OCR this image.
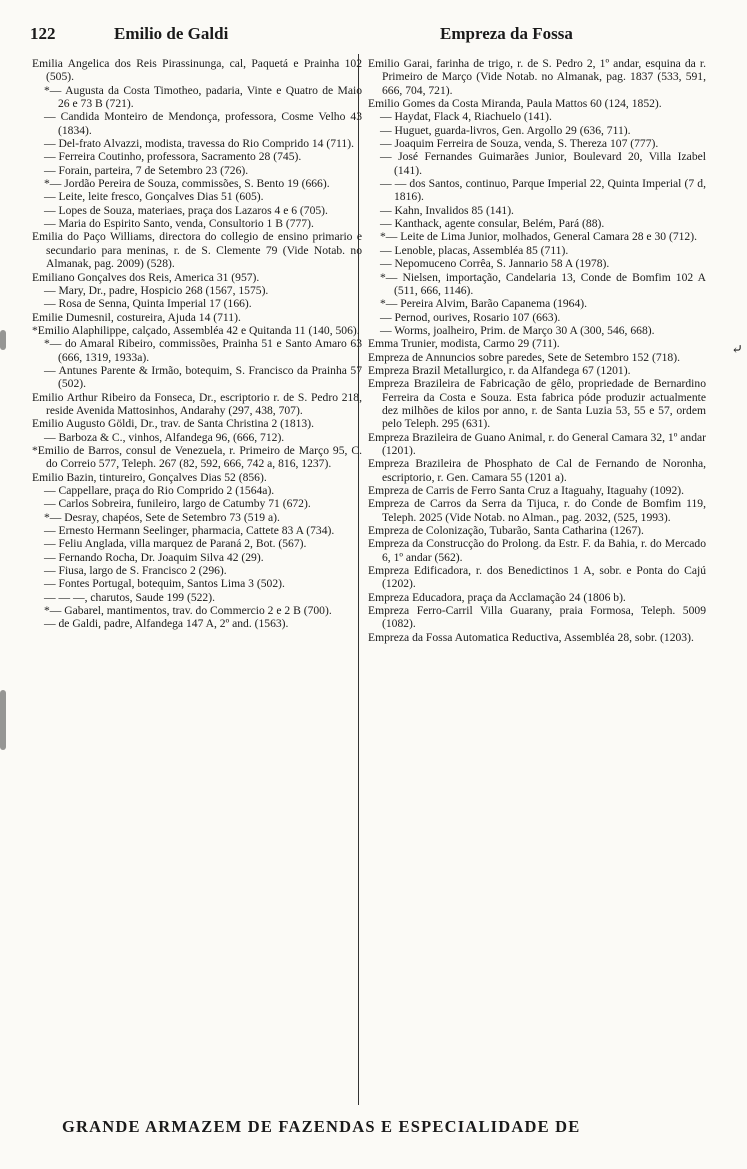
122	Emilio de Galdi	Empreza da Fossa

Emilia Angelica dos Reis Pirassinunga, cal, Paquetá e Prainha 102 (505).

*— Augusta da Costa Timotheo, padaria, Vinte e Quatro de Maio 26 e 73 B (721).

— Candida Monteiro de Mendonça, professora, Cosme Velho 43 (1834).

— Del-frato Alvazzi, modista, travessa do Rio Comprido 14 (711).

— Ferreira Coutinho, professora, Sacramento 28 (745).

— Forain, parteira, 7 de Setembro 23 (726).

*— Jordão Pereira de Souza, commissões, S. Bento 19 (666).

— Leite, leite fresco, Gonçalves Dias 51 (605).

— Lopes de Souza, materiaes, praça dos Lazaros 4 e 6 (705).

— Maria do Espirito Santo, venda, Consultorio 1 B (777).

Emilia do Paço Williams, directora do collegio de ensino primario e secundario para meninas, r. de S. Clemente 79 (Vide Notab. no Almanak, pag. 2009) (528).

Emiliano Gonçalves dos Reis, America 31 (957).

— Mary, Dr., padre, Hospicio 268 (1567, 1575).

— Rosa de Senna, Quinta Imperial 17 (166).

Emilie Dumesnil, costureira, Ajuda 14 (711).

*Emilio Alaphilippe, calçado, Assembléa 42 e Quitanda 11 (140, 506).

*— do Amaral Ribeiro, commissões, Prainha 51 e Santo Amaro 63 (666, 1319, 1933a).

— Antunes Parente & Irmão, botequim, S. Francisco da Prainha 57 (502).

Emilio Arthur Ribeiro da Fonseca, Dr., escriptorio r. de S. Pedro 218, reside Avenida Mattosinhos, Andarahy (297, 438, 707).

Emilio Augusto Göldi, Dr., trav. de Santa Christina 2 (1813).

— Barboza & C., vinhos, Alfandega 96, (666, 712).

*Emilio de Barros, consul de Venezuela, r. Primeiro de Março 95, C. do Correio 577, Teleph. 267 (82, 592, 666, 742 a, 816, 1237).

Emilio Bazin, tintureiro, Gonçalves Dias 52 (856).

— Cappellare, praça do Rio Comprido 2 (1564a).

— Carlos Sobreira, funileiro, largo de Catumby 71 (672).

*— Desray, chapéos, Sete de Setembro 73 (519 a).

— Ernesto Hermann Seelinger, pharmacia, Cattete 83 A (734).

— Feliu Anglada, villa marquez de Paraná 2, Bot. (567).

— Fernando Rocha, Dr. Joaquim Silva 42 (29).

— Fiusa, largo de S. Francisco 2 (296).

— Fontes Portugal, botequim, Santos Lima 3 (502).

— — —, charutos, Saude 199 (522).

*— Gabarel, mantimentos, trav. do Commercio 2 e 2 B (700).

— de Galdi, padre, Alfandega 147 A, 2º and. (1563).

Emilio Garai, farinha de trigo, r. de S. Pedro 2, 1º andar, esquina da r. Primeiro de Março (Vide Notab. no Almanak, pag. 1837 (533, 591, 666, 704, 721).

Emilio Gomes da Costa Miranda, Paula Mattos 60 (124, 1852).

— Haydat, Flack 4, Riachuelo (141).

— Huguet, guarda-livros, Gen. Argollo 29 (636, 711).

— Joaquim Ferreira de Souza, venda, S. Thereza 107 (777).

— José Fernandes Guimarães Junior, Boulevard 20, Villa Izabel (141).

— — dos Santos, continuo, Parque Imperial 22, Quinta Imperial (7 d, 1816).

— Kahn, Invalidos 85 (141).

— Kanthack, agente consular, Belém, Pará (88).

*— Leite de Lima Junior, molhados, General Camara 28 e 30 (712).

— Lenoble, placas, Assembléa 85 (711).

— Nepomuceno Corrêa, S. Jannario 58 A (1978).

*— Nielsen, importação, Candelaria 13, Conde de Bomfim 102 A (511, 666, 1146).

*— Pereira Alvim, Barão Capanema (1964).

— Pernod, ourives, Rosario 107 (663).

— Worms, joalheiro, Prim. de Março 30 A (300, 546, 668).

Emma Trunier, modista, Carmo 29 (711).

Empreza de Annuncios sobre paredes, Sete de Setembro 152 (718).

Empreza Brazil Metallurgico, r. da Alfandega 67 (1201).

Empreza Brazileira de Fabricação de gêlo, propriedade de Bernardino Ferreira da Costa e Souza. Esta fabrica póde produzir actualmente dez milhões de kilos por anno, r. de Santa Luzia 53, 55 e 57, ordem pelo Teleph. 295 (631).

Empreza Brazileira de Guano Animal, r. do General Camara 32, 1º andar (1201).

Empreza Brazileira de Phosphato de Cal de Fernando de Noronha, escriptorio, r. Gen. Camara 55 (1201 a).

Empreza de Carris de Ferro Santa Cruz a Itaguahy, Itaguahy (1092).

Empreza de Carros da Serra da Tijuca, r. do Conde de Bomfim 119, Teleph. 2025 (Vide Notab. no Alman., pag. 2032, (525, 1993).

Empreza de Colonização, Tubarão, Santa Catharina (1267).

Empreza da Construcção do Prolong. da Estr. F. da Bahia, r. do Mercado 6, 1º andar (562).

Empreza Edificadora, r. dos Benedictinos 1 A, sobr. e Ponta do Cajú (1202).

Empreza Educadora, praça da Acclamação 24 (1806 b).

Empreza Ferro-Carril Villa Guarany, praia Formosa, Teleph. 5009 (1082).

Empreza da Fossa Automatica Reductiva, Assembléa 28, sobr. (1203).

⤶
GRANDE ARMAZEM DE FAZENDAS E ESPECIALIDADE DE
